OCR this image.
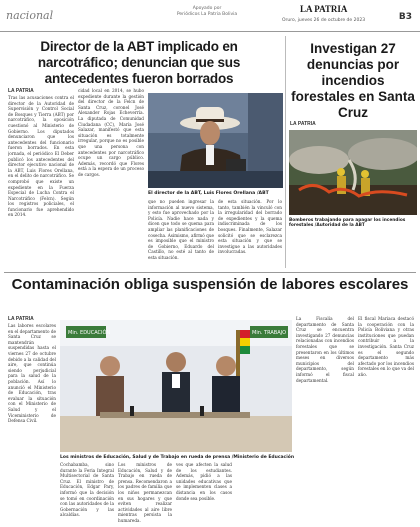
nacional
Apoyado por
Periódicos La Patria Bolivia
LA PATRIA
Oruro, jueves 26 de octubre de 2023	B3
Director de la ABT implicado en narcotráfico; denuncian que sus antecedentes fueron borrados
LA PATRIA
Tras las acusaciones contra el director de la Autoridad de Supervisión y Control Social de Bosques y Tierra (ABT) por narcotráfico, la oposición cuestionó al Ministerio de Gobierno. Los diputados denunciaron que los antecedentes del funcionario fueron borrados. En esta jornada, el periódico El Deber publicó los antecedentes del director ejecutivo nacional de la ABT, Luis Flores Orellana, en el delito de narcotráfico. Se comprobó que existe un expediente en la Fuerza Especial de Lucha Contra el Narcotráfico (Felcn). Según los registros policiales, el funcionario fue aprehendido en 2014.
cidad local en 2014, se hubo expediente durante la gestión del director de la Felcn de Santa Cruz, coronel José Alexander Rojas Echeverría. La diputada de Comunidad Ciudadana (CC), María José Salazar, manifestó que esta situación es totalmente irregular, porque no es posible que una persona con antecedentes por narcotráfico ocupe un cargo público. Además, recordó que Flores está a la espera de un proceso de cargos.
El director de la ABT, Luis Flores Orellana /ABT
que no pueden ingresar la información al nuevo sistema, y esto fue aprovechado por la Policía. Nadie hace nada y dicen que todo se quema para ampliar las planificaciones de cosecha. Asimismo, afirmó que es imposible que el ministro de Gobierno, Eduardo del Castillo, no esté al tanto de esta situación.
de esta situación. Por lo tanto, también la vinculó con la irregularidad del borrado de expedientes y la quema indiscriminada de los bosques. Finalmente, Salazar solicitó que se esclarezca esta situación y que se investigue a las autoridades involucradas.
Investigan 27 denuncias por incendios forestales en Santa Cruz
LA PATRIA
Bomberos trabajando para apagar los incendios forestales /Autoridad de la ABT
Contaminación obliga suspensión de labores escolares
LA PATRIA
Las labores escolares en el departamento de Santa Cruz se mantendrán suspendidas hasta el viernes 27 de octubre debido a la calidad del aire, que continúa siendo perjudicial para la salud de la población. Así lo anunció el Ministerio de Educación, tras evaluar la situación con el Ministerio de Salud y el Viceministerio de Defensa Civil.
Min. EDUCACIÓN	Min. TRABAJO
Los ministros de Educación, Salud y de Trabajo en rueda de prensa /Ministerio de Educación
Cochabamba, sino durante la Feria Integral Multisectorial de Santa Cruz. El ministro de Educación, Edgar Pary, informó que la decisión se tomó en coordinación con las autoridades de la Gobernación y las alcaldías.
Los ministros de Educación, Salud y de Trabajo en rueda de prensa. Recomendaron a los padres de familia que los niños permanezcan en sus hogares y que eviten realizar actividades al aire libre mientras persista la humareda.
ves que afecten la salud de los estudiantes. Además, pidió a las unidades educativas que se implementen clases a distancia en los casos donde sea posible.
La Fiscalía del departamento de Santa Cruz se encuentra investigando 27 denuncias relacionadas con incendios forestales que se presentaron en los últimos meses en diversos municipios del departamento, según informó el fiscal departamental.
El fiscal Mariaca destacó la cooperación con la Policía Boliviana y otras instituciones que puedan contribuir a la investigación. Santa Cruz es el segundo departamento más afectado por los incendios forestales en lo que va del año.
